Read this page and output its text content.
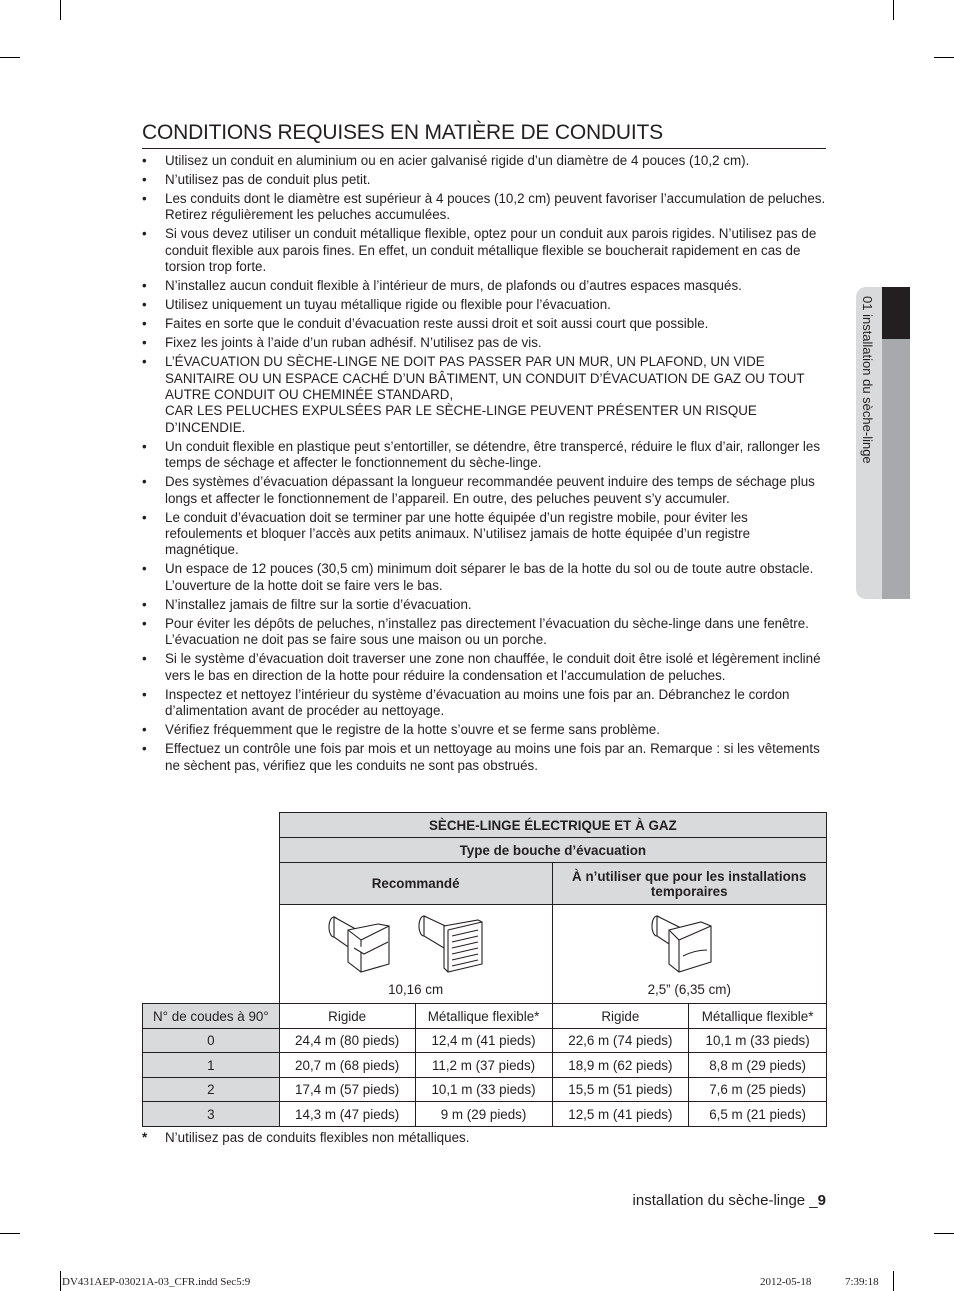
01 installation du sèche-linge
CONDITIONS REQUISES EN MATIÈRE DE CONDUITS
• Utilisez un conduit en aluminium ou en acier galvanisé rigide d’un diamètre de 4 pouces (10,2 cm).
• N’utilisez pas de conduit plus petit.
• Les conduits dont le diamètre est supérieur à 4 pouces (10,2 cm) peuvent favoriser l’accumulation de peluches.
Retirez régulièrement les peluches accumulées.
• Si vous devez utiliser un conduit métallique flexible, optez pour un conduit aux parois rigides. N’utilisez pas de conduit flexible aux parois fines. En effet, un conduit métallique flexible se boucherait rapidement en cas de torsion trop forte.
• N’installez aucun conduit flexible à l’intérieur de murs, de plafonds ou d’autres espaces masqués.
• Utilisez uniquement un tuyau métallique rigide ou flexible pour l’évacuation.
• Faites en sorte que le conduit d’évacuation reste aussi droit et soit aussi court que possible.
• Fixez les joints à l’aide d’un ruban adhésif. N’utilisez pas de vis.
• L’ÉVACUATION DU SÈCHE-LINGE NE DOIT PAS PASSER PAR UN MUR, UN PLAFOND, UN VIDE SANITAIRE OU UN ESPACE CACHÉ D’UN BÂTIMENT, UN CONDUIT D’ÉVACUATION DE GAZ OU TOUT AUTRE CONDUIT OU CHEMINÉE STANDARD,
CAR LES PELUCHES EXPULSÉES PAR LE SÈCHE-LINGE PEUVENT PRÉSENTER UN RISQUE D’INCENDIE.
• Un conduit flexible en plastique peut s’entortiller, se détendre, être transpercé, réduire le flux d’air, rallonger les temps de séchage et affecter le fonctionnement du sèche-linge.
• Des systèmes d’évacuation dépassant la longueur recommandée peuvent induire des temps de séchage plus longs et affecter le fonctionnement de l’appareil. En outre, des peluches peuvent s’y accumuler.
• Le conduit d’évacuation doit se terminer par une hotte équipée d’un registre mobile, pour éviter les refoulements et bloquer l’accès aux petits animaux. N’utilisez jamais de hotte équipée d’un registre magnétique.
• Un espace de 12 pouces (30,5 cm) minimum doit séparer le bas de la hotte du sol ou de toute autre obstacle. L’ouverture de la hotte doit se faire vers le bas.
• N’installez jamais de filtre sur la sortie d’évacuation.
• Pour éviter les dépôts de peluches, n’installez pas directement l’évacuation du sèche-linge dans une fenêtre. L’évacuation ne doit pas se faire sous une maison ou un porche.
• Si le système d’évacuation doit traverser une zone non chauffée, le conduit doit être isolé et légèrement incliné vers le bas en direction de la hotte pour réduire la condensation et l’accumulation de peluches.
• Inspectez et nettoyez l’intérieur du système d’évacuation au moins une fois par an. Débranchez le cordon d’alimentation avant de procéder au nettoyage.
• Vérifiez fréquemment que le registre de la hotte s’ouvre et se ferme sans problème.
• Effectuez un contrôle une fois par mois et un nettoyage au moins une fois par an. Remarque : si les vêtements ne sèchent pas, vérifiez que les conduits ne sont pas obstrués.
	SÈCHE-LINGE ÉLECTRIQUE ET À GAZ			
	Type de bouche d’évacuation			
	Recommandé		À n’utiliser que pour les installations temporaires	

	10,16 cm		2,5” (6,35 cm)	

N° de coudes à 90°	Rigide	Métallique flexible*	Rigide	Métallique flexible*
0	24,4 m (80 pieds)	12,4 m (41 pieds)	22,6 m (74 pieds)	10,1 m (33 pieds)
1	20,7 m (68 pieds)	11,2 m (37 pieds)	18,9 m (62 pieds)	8,8 m (29 pieds)
2	17,4 m (57 pieds)	10,1 m (33 pieds)	15,5 m (51 pieds)	7,6 m (25 pieds)
3	14,3 m (47 pieds)	9 m (29 pieds)	12,5 m (41 pieds)	6,5 m (21 pieds)
* N’utilisez pas de conduits flexibles non métalliques.
installation du sèche-linge _9
DV431AEP-03021A-03_CFR.indd Sec5:9	2012-05-18	7:39:18
